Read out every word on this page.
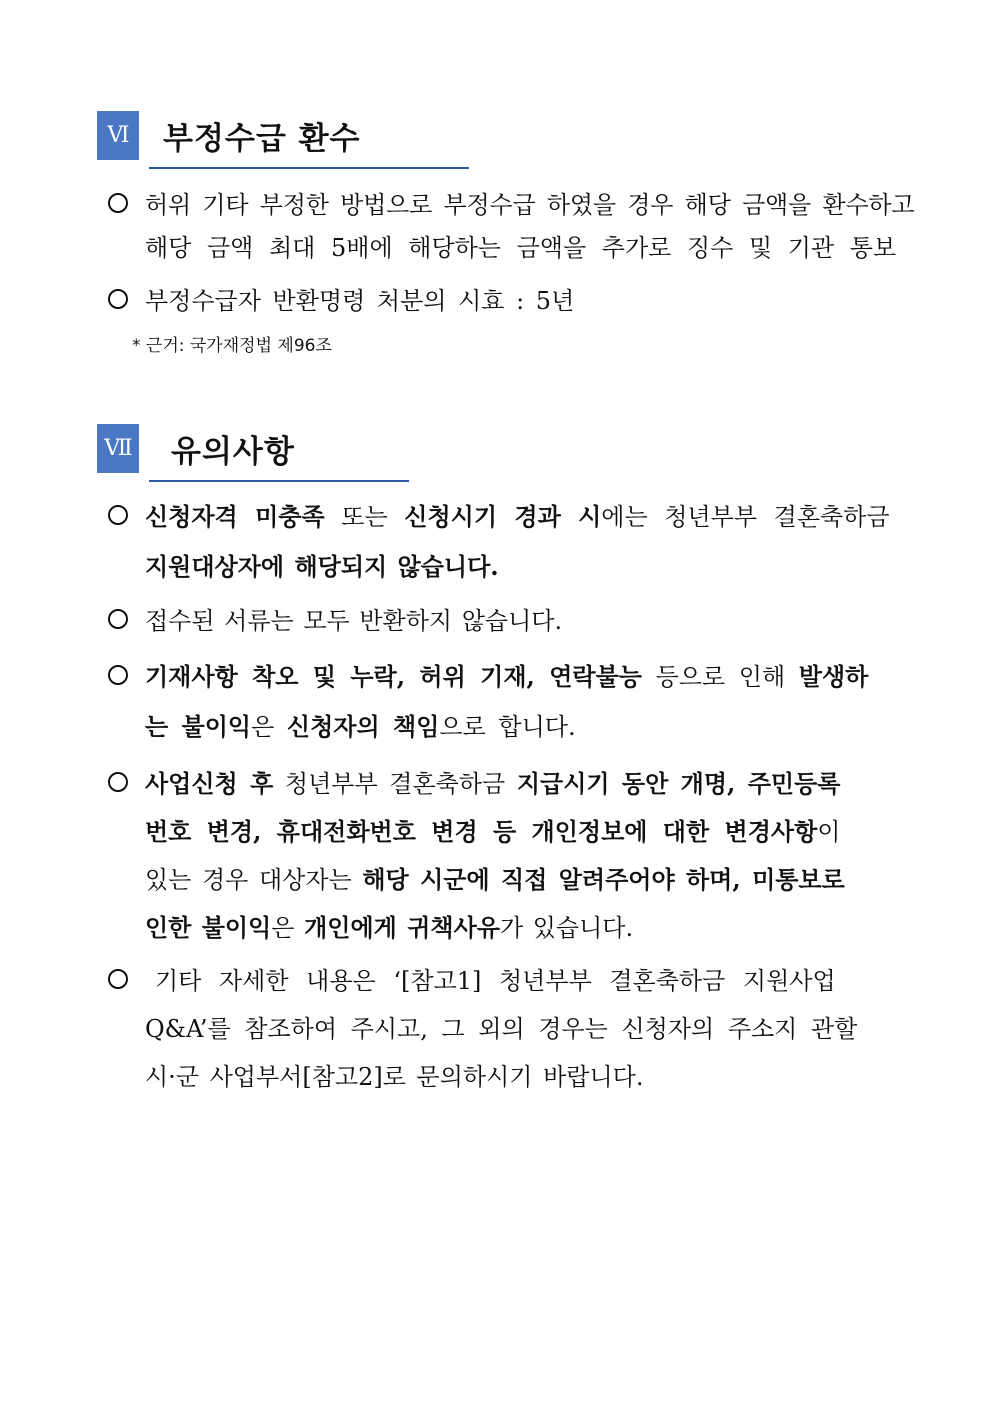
Ⅵ	부정수급 환수
허위 기타 부정한 방법으로 부정수급 하였을 경우 해당 금액을 환수하고
해당 금액 최대 5배에 해당하는 금액을 추가로 징수 및 기관 통보
부정수급자 반환명령 처분의 시효 : 5년
* 근거: 국가재정법 제96조
Ⅶ 유의사항
신청자격 미충족 또는 신청시기 경과 시에는 청년부부 결혼축하금
지원대상자에 해당되지 않습니다.
접수된 서류는 모두 반환하지 않습니다.
기재사항 착오 및 누락, 허위 기재, 연락불능 등으로 인해 발생하
는 불이익은 신청자의 책임으로 합니다.
사업신청 후 청년부부 결혼축하금 지급시기 동안 개명, 주민등록
번호 변경, 휴대전화번호 변경 등 개인정보에 대한 변경사항이
있는 경우 대상자는 해당 시군에 직접 알려주어야 하며, 미통보로
인한 불이익은 개인에게 귀책사유가 있습니다.
기타 자세한 내용은 ‘[참고1] 청년부부 결혼축하금 지원사업
Q&A’를 참조하여 주시고, 그 외의 경우는 신청자의 주소지 관할
시·군 사업부서[참고2]로 문의하시기 바랍니다.
